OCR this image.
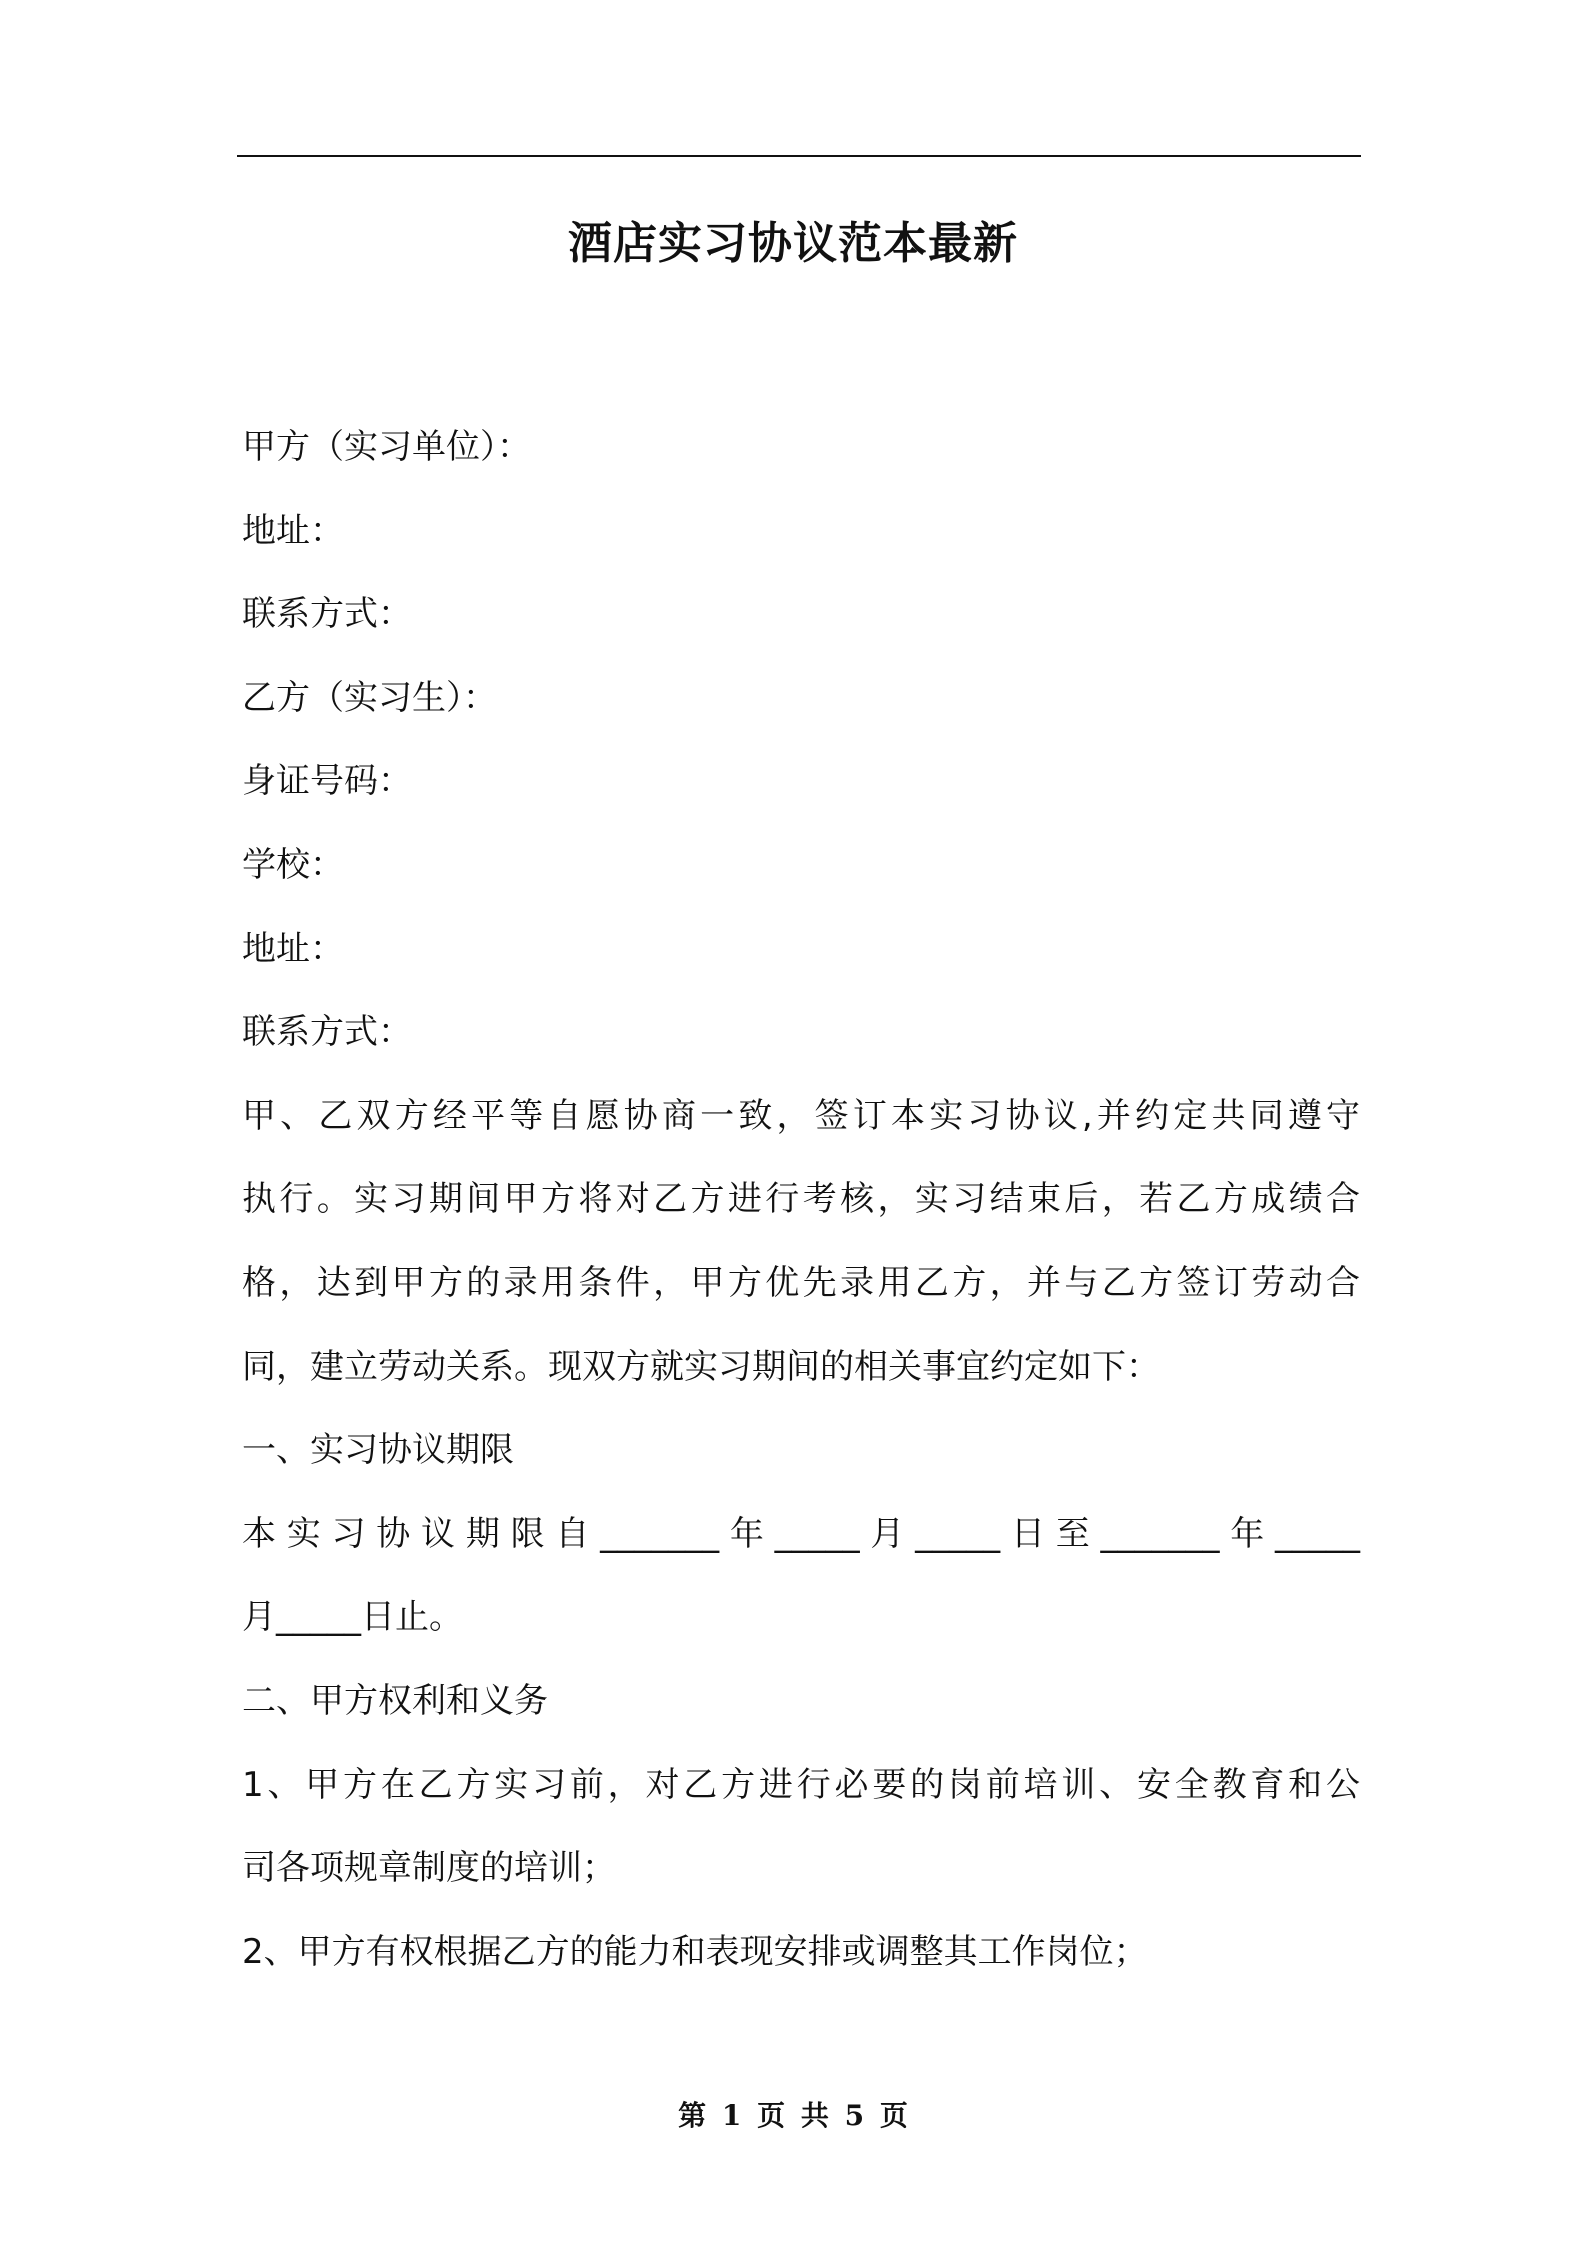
酒店实习协议范本最新
甲方（实习单位）：
地址：
联系方式：
乙方（实习生）：
身证号码：
学校：
地址：
联系方式：
甲、乙双方经平等自愿协商一致，签订本实习协议,并约定共同遵守
执行。实习期间甲方将对乙方进行考核，实习结束后，若乙方成绩合
格，达到甲方的录用条件，甲方优先录用乙方，并与乙方签订劳动合
同，建立劳动关系。现双方就实习期间的相关事宜约定如下：
一、实习协议期限
本实习协议期限自_______年_____月_____日至_______年_____
月_____日止。
二、甲方权利和义务
1、甲方在乙方实习前，对乙方进行必要的岗前培训、安全教育和公
司各项规章制度的培训；
2、甲方有权根据乙方的能力和表现安排或调整其工作岗位；
第 1 页 共 5 页
